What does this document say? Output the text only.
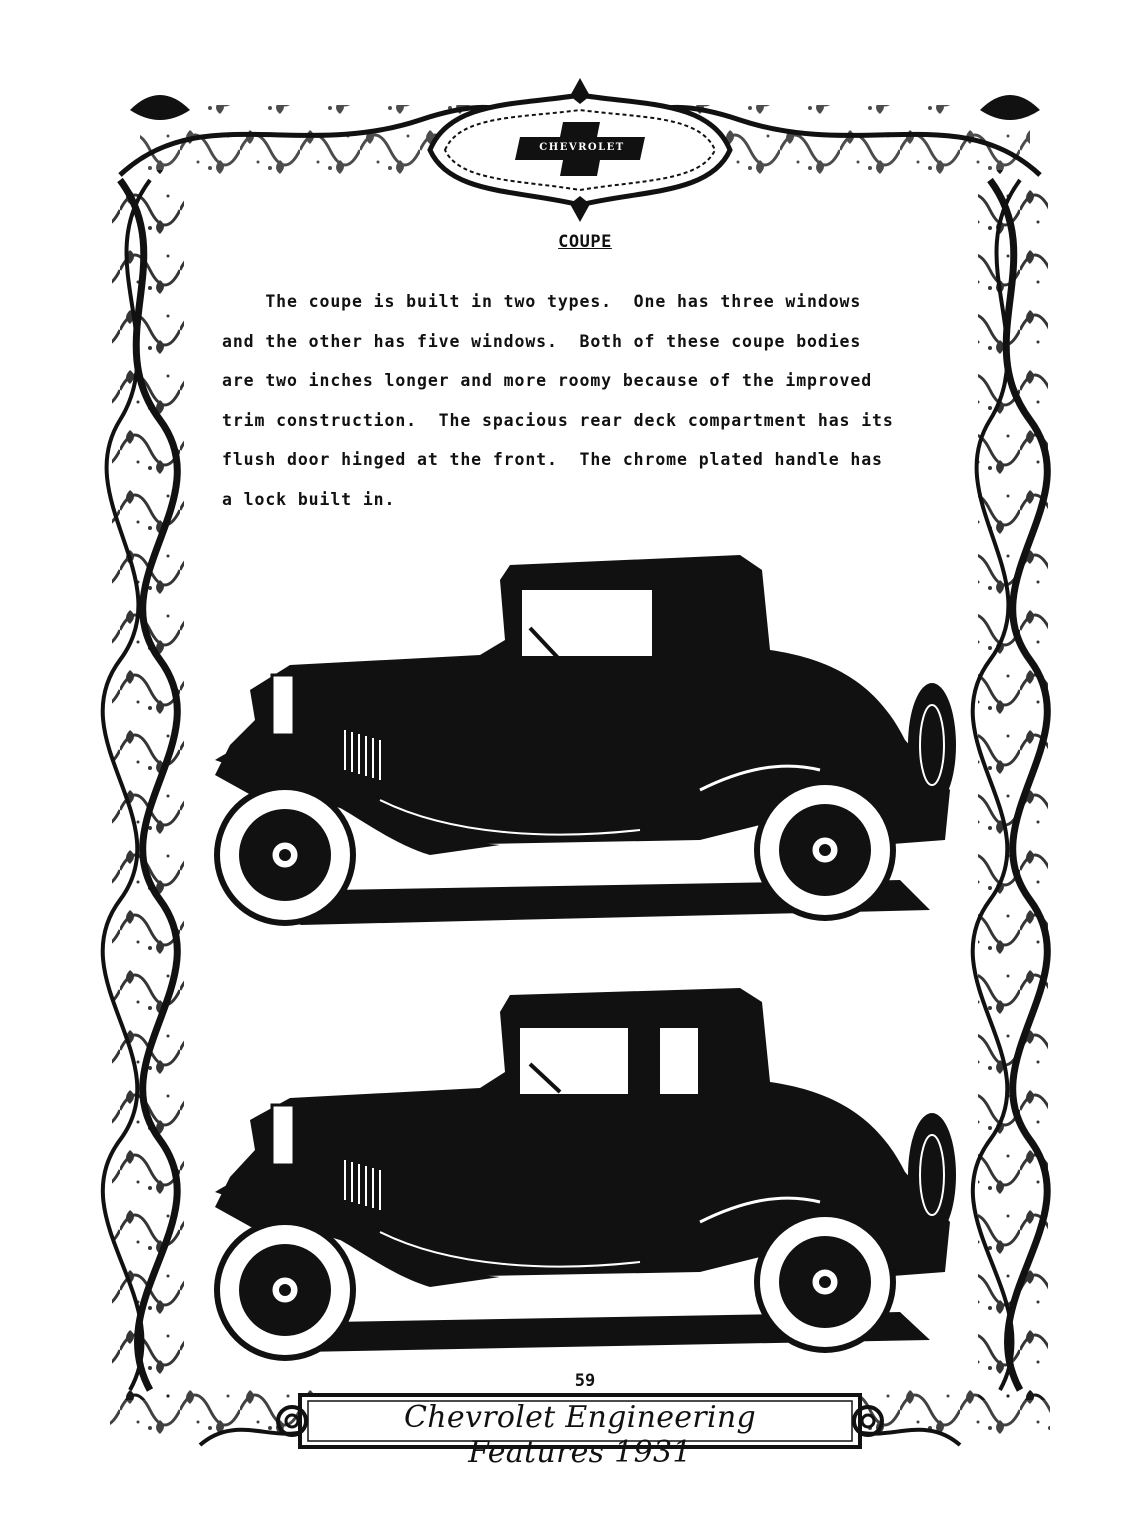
CHEVROLET
COUPE
The coupe is built in two types.  One has three windows
and the other has five windows.  Both of these coupe bodies
are two inches longer and more roomy because of the improved
trim construction.  The spacious rear deck compartment has its
flush door hinged at the front.  The chrome plated handle has
a lock built in.
59
Chevrolet Engineering Features 1931
